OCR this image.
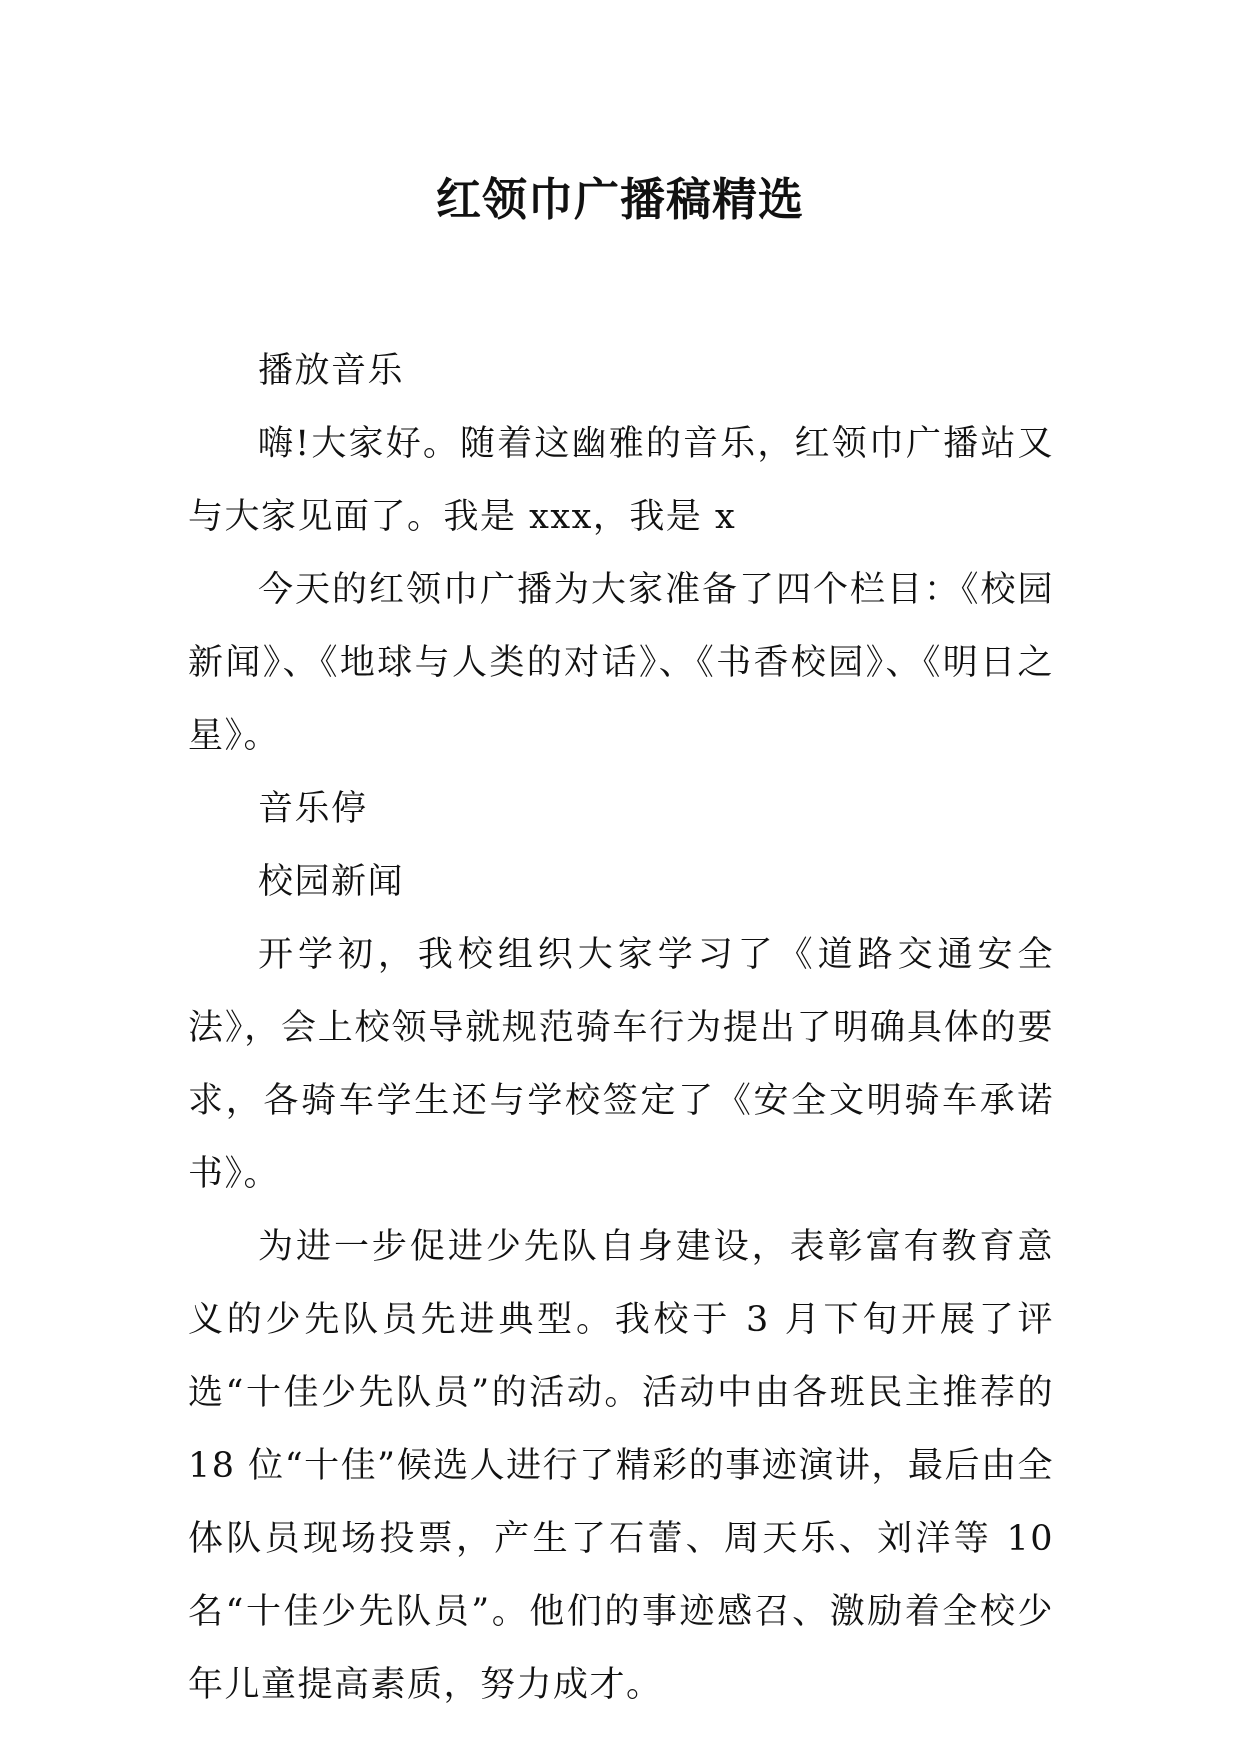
红领巾广播稿精选

播放音乐

嗨!大家好。随着这幽雅的音乐，红领巾广播站又与大家见面了。我是 xxx，我是 x

今天的红领巾广播为大家准备了四个栏目：《校园新闻》、《地球与人类的对话》、《书香校园》、《明日之星》。

音乐停

校园新闻

开学初，我校组织大家学习了《道路交通安全法》，会上校领导就规范骑车行为提出了明确具体的要求，各骑车学生还与学校签定了《安全文明骑车承诺书》。

为进一步促进少先队自身建设，表彰富有教育意义的少先队员先进典型。我校于 3 月下旬开展了评选“十佳少先队员”的活动。活动中由各班民主推荐的 18 位“十佳”候选人进行了精彩的事迹演讲，最后由全体队员现场投票，产生了石蕾、周天乐、刘洋等 10 名“十佳少先队员”。他们的事迹感召、激励着全校少年儿童提高素质，努力成才。
